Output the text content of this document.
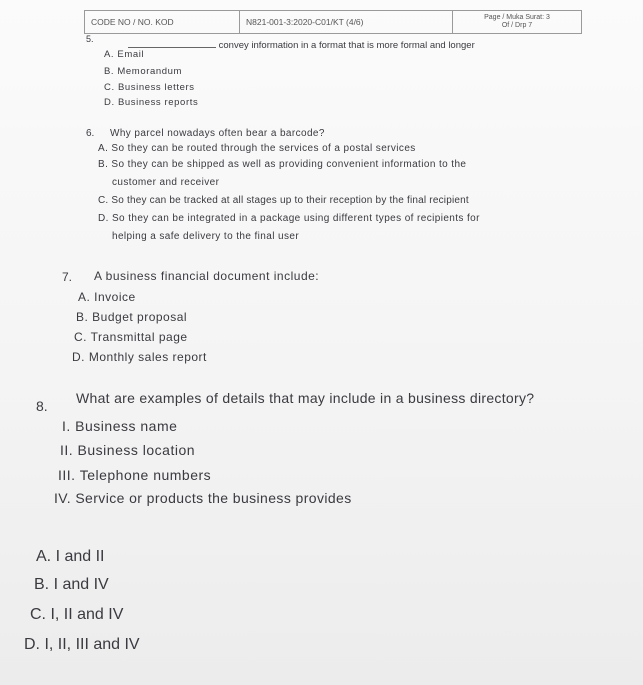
CODE NO / NO. KOD	N821-001-3:2020-C01/KT (4/6)	Page / Muka Surat: 3
Of / Drp 7
5.
convey information in a format that is more formal and longer
A. Email
B. Memorandum
C. Business letters
D. Business reports
6. Why parcel nowadays often bear a barcode?
A. So they can be routed through the services of a postal services
B. So they can be shipped as well as providing convenient information to the
customer and receiver
C. So they can be tracked at all stages up to their reception by the final recipient
D. So they can be integrated in a package using different types of recipients for
helping a safe delivery to the final user
7. A business financial document include:
A. Invoice
B. Budget proposal
C. Transmittal page
D. Monthly sales report
8. What are examples of details that may include in a business directory?
I. Business name
II. Business location
III. Telephone numbers
IV. Service or products the business provides
A. I and II
B. I and IV
C. I, II and IV
D. I, II, III and IV
